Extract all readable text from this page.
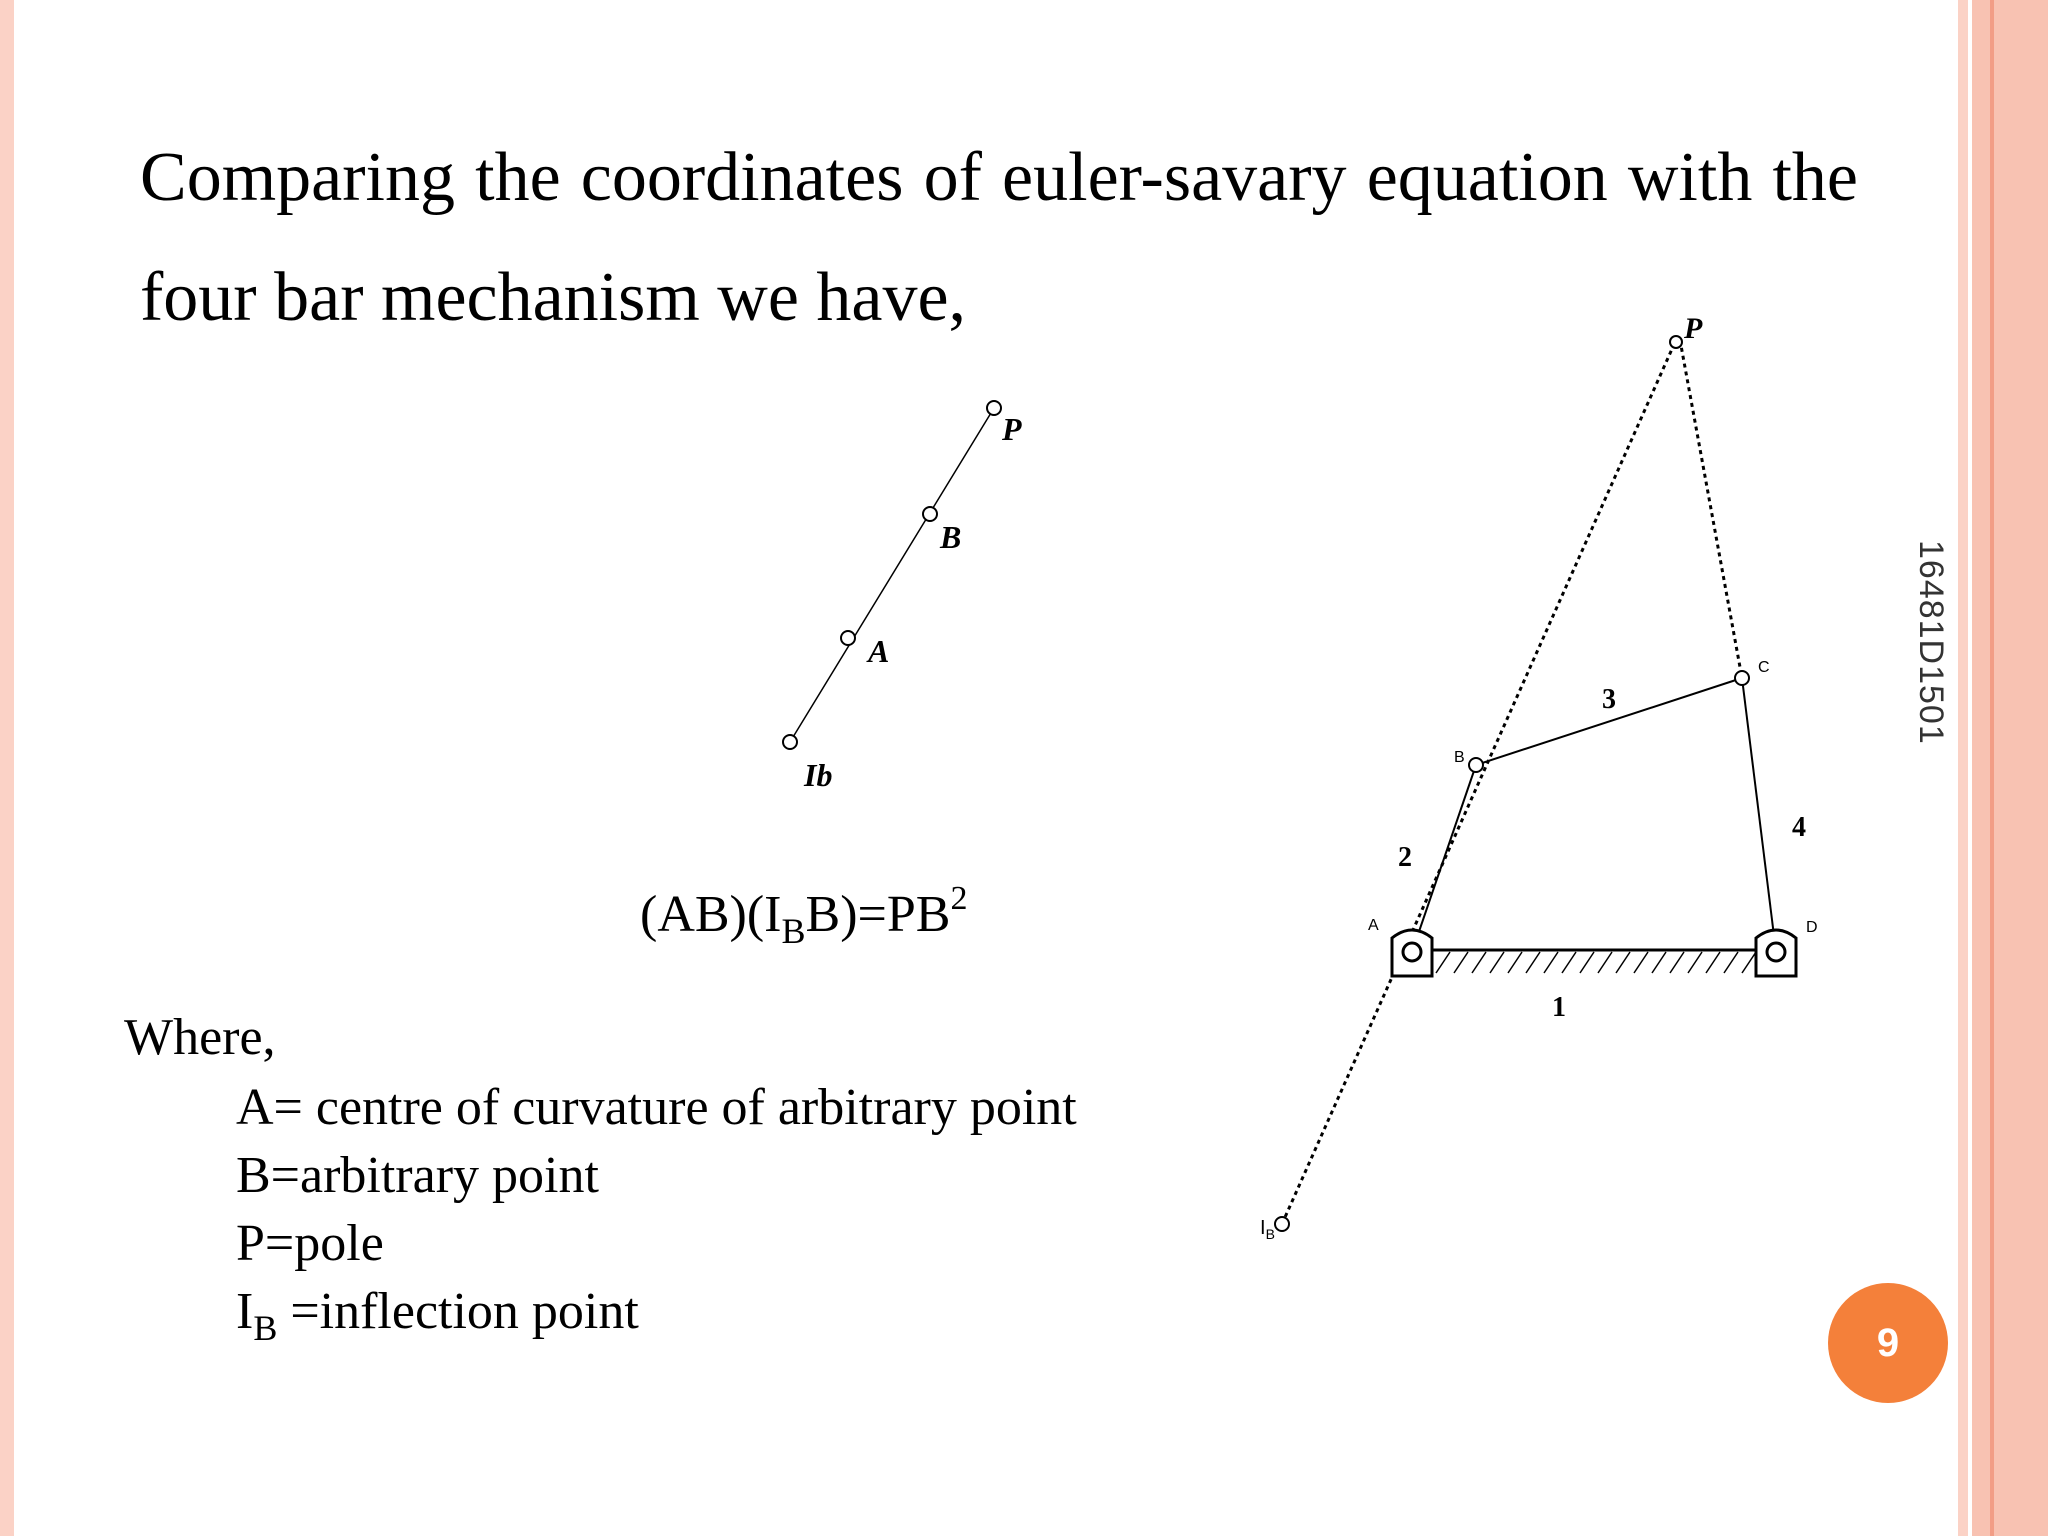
Comparing the coordinates of euler-savary equation with the four bar mechanism we have,

P
B
A
Ib
P
B
C
A	D
1
2
3
4
$I_B$
$(AB)(I_BB)=PB^2$
Where,
A= centre of curvature of arbitrary point
B=arbitrary point
P=pole
$I_B$ =inflection point
16481D1501
9
